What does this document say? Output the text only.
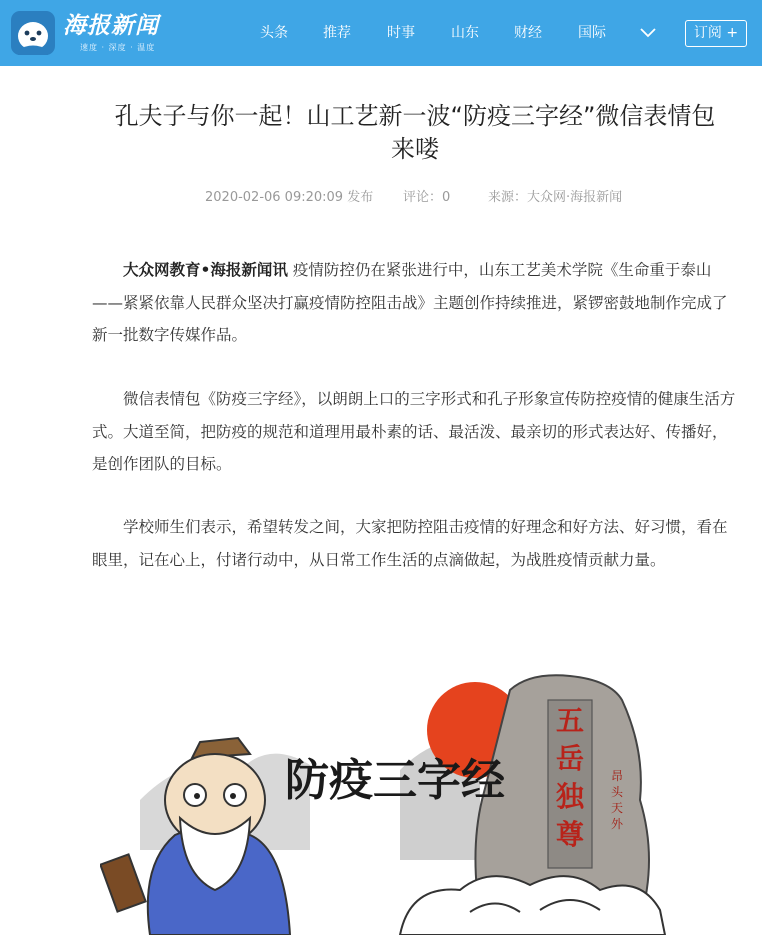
海报新闻
速度 · 深度 · 温度
头条	推荐	时事	山东	财经	国际	订阅 +
孔夫子与你一起！山工艺新一波“防疫三字经”微信表情包
来喽
2020-02-06 09:20:09 发布 评论：0	来源：大众网·海报新闻
大众网教育•海报新闻讯 疫情防控仍在紧张进行中，山东工艺美术学院《生命重于泰山——紧紧依靠人民群众坚决打赢疫情防控阻击战》主题创作持续推进，紧锣密鼓地制作完成了新一批数字传媒作品。
微信表情包《防疫三字经》，以朗朗上口的三字形式和孔子形象宣传防控疫情的健康生活方式。大道至简，把防疫的规范和道理用最朴素的话、最活泼、最亲切的形式表达好、传播好，是创作团队的目标。
学校师生们表示，希望转发之间，大家把防控阻击疫情的好理念和好方法、好习惯，看在眼里，记在心上，付诸行动中，从日常工作生活的点滴做起，为战胜疫情贡献力量。
五
岳
独
尊
昂
头
天
外
防疫三字经
